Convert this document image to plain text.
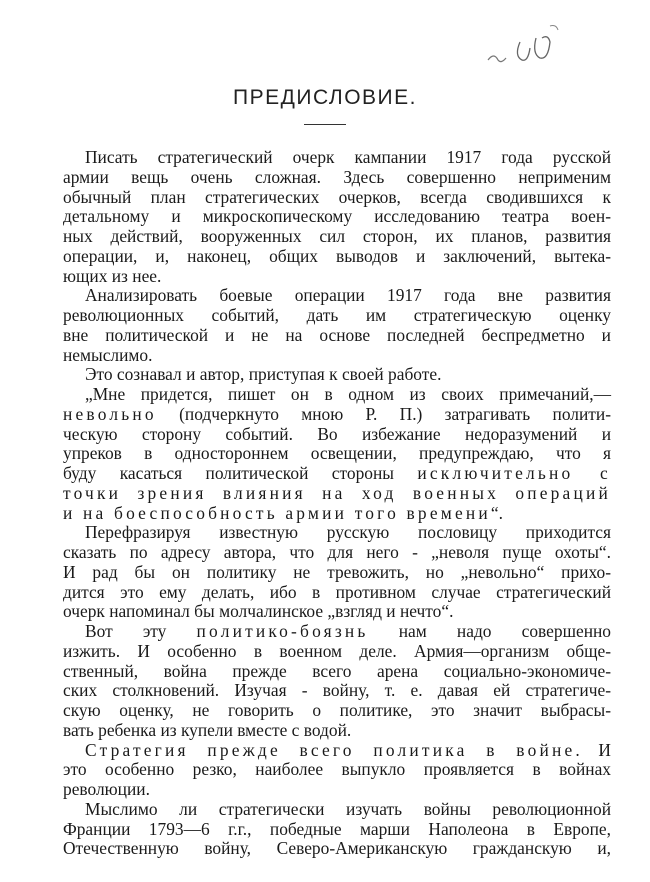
ПРЕДИСЛОВИЕ.
Писать стратегический очерк кампании 1917 года русской
армии вещь очень сложная. Здесь совершенно неприменим
обычный план стратегических очерков, всегда сводившихся к
детальному и микроскопическому исследованию театра воен-
ных действий, вооруженных сил сторон, их планов, развития
операции, и, наконец, общих выводов и заключений, вытека-
ющих из нее.
Анализировать боевые операции 1917 года вне развития
революционных событий, дать им стратегическую оценку
вне политической и не на основе последней беспредметно и
немыслимо.
Это сознавал и автор, приступая к своей работе.
„Мне придется, пишет он в одном из своих примечаний,—
невольно (подчеркнуто мною Р. П.) затрагивать полити-
ческую сторону событий. Во избежание недоразумений и
упреков в одностороннем освещении, предупреждаю, что я
буду касаться политической стороны исключительно с
точки зрения влияния на ход военных операций
и на боеспособность армии того времени“.
Перефразируя известную русскую пословицу приходится
сказать по адресу автора, что для него - „неволя пуще охоты“.
И рад бы он политику не тревожить, но „невольно“ прихо-
дится это ему делать, ибо в противном случае стратегический
очерк напоминал бы молчалинское „взгляд и нечто“.
Вот эту политико-боязнь нам надо совершенно
изжить. И особенно в военном деле. Армия—организм обще-
ственный, война прежде всего арена социально-экономиче-
ских столкновений. Изучая - войну, т. е. давая ей стратегиче-
скую оценку, не говорить о политике, это значит выбрасы-
вать ребенка из купели вместе с водой.
Стратегия прежде всего политика в войне. И
это особенно резко, наиболее выпукло проявляется в войнах
революции.
Мыслимо ли стратегически изучать войны революционной
Франции 1793—6 г.г., победные марши Наполеона в Европе,
Отечественную войну, Северо-Американскую гражданскую и,
